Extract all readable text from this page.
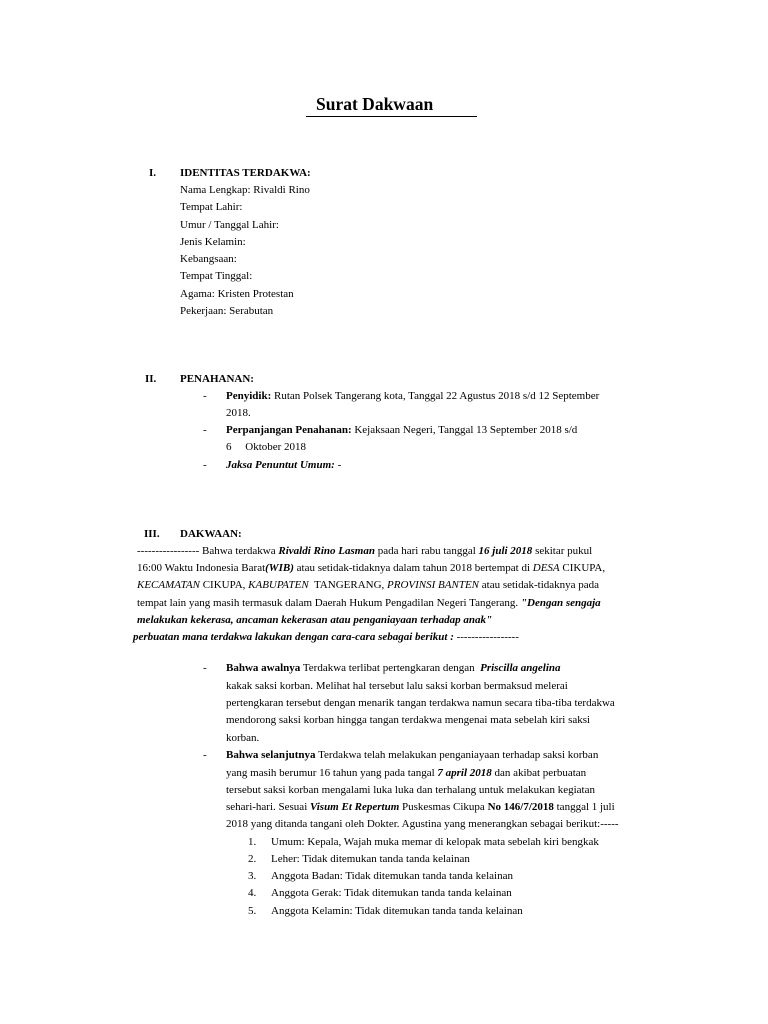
Surat Dakwaan
I. IDENTITAS TERDAKWA:
Nama Lengkap: Rivaldi Rino
Tempat Lahir:
Umur / Tanggal Lahir:
Jenis Kelamin:
Kebangsaan:
Tempat Tinggal:
Agama: Kristen Protestan
Pekerjaan: Serabutan
II. PENAHANAN:
- Penyidik: Rutan Polsek Tangerang kota, Tanggal 22 Agustus 2018 s/d 12 September
2018.
- Perpanjangan Penahanan: Kejaksaan Negeri, Tanggal 13 September 2018 s/d
6     Oktober 2018
- Jaksa Penuntut Umum: -
III. DAKWAAN:
----------------- Bahwa terdakwa Rivaldi Rino Lasman pada hari rabu tanggal 16 juli 2018 sekitar pukul
16:00 Waktu Indonesia Barat(WIB) atau setidak-tidaknya dalam tahun 2018 bertempat di DESA CIKUPA,
KECAMATAN CIKUPA, KABUPATEN  TANGERANG, PROVINSI BANTEN atau setidak-tidaknya pada
tempat lain yang masih termasuk dalam Daerah Hukum Pengadilan Negeri Tangerang. "Dengan sengaja
melakukan kekerasa, ancaman kekerasan atau penganiayaan terhadap anak"
perbuatan mana terdakwa lakukan dengan cara-cara sebagai berikut : -----------------
- Bahwa awalnya Terdakwa terlibat pertengkaran dengan  Priscilla angelina
kakak saksi korban. Melihat hal tersebut lalu saksi korban bermaksud melerai
pertengkaran tersebut dengan menarik tangan terdakwa namun secara tiba-tiba terdakwa
mendorong saksi korban hingga tangan terdakwa mengenai mata sebelah kiri saksi
korban.
- Bahwa selanjutnya Terdakwa telah melakukan penganiayaan terhadap saksi korban
yang masih berumur 16 tahun yang pada tangal 7 april 2018 dan akibat perbuatan
tersebut saksi korban mengalami luka luka dan terhalang untuk melakukan kegiatan
sehari-hari. Sesuai Visum Et Repertum Puskesmas Cikupa No 146/7/2018 tanggal 1 juli
2018 yang ditanda tangani oleh Dokter. Agustina yang menerangkan sebagai berikut:-----
1. Umum: Kepala, Wajah muka memar di kelopak mata sebelah kiri bengkak
2. Leher: Tidak ditemukan tanda tanda kelainan
3. Anggota Badan: Tidak ditemukan tanda tanda kelainan
4. Anggota Gerak: Tidak ditemukan tanda tanda kelainan
5. Anggota Kelamin: Tidak ditemukan tanda tanda kelainan
